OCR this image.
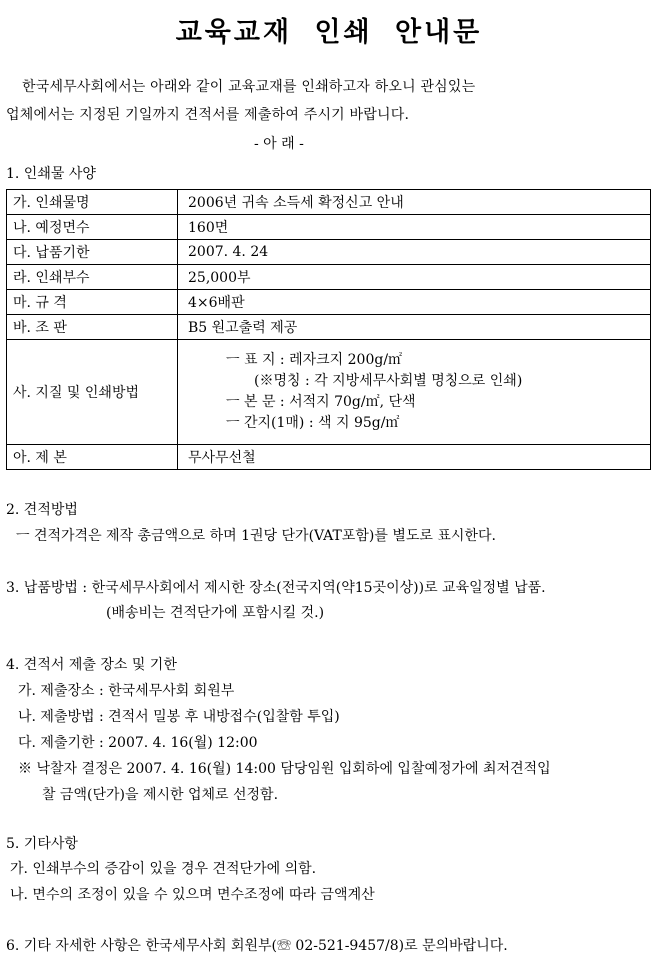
교육교재 인쇄 안내문
한국세무사회에서는 아래와 같이 교육교재를 인쇄하고자 하오니 관심있는
업체에서는 지정된 기일까지 견적서를 제출하여 주시기 바랍니다.
- 아 래 -
1. 인쇄물 사양
가. 인쇄물명	2006년 귀속 소득세 확정신고 안내
나. 예정면수	160면
다. 납품기한	2007. 4. 24
라. 인쇄부수	25,000부
마. 규 격	4×6배판
바. 조 판	B5 원고출력 제공
사. 지질 및 인쇄방법	ㅡ 표 지 : 레자크지 200g/㎡
(※명칭 : 각 지방세무사회별 명칭으로 인쇄)
ㅡ 본 문 : 서적지 70g/㎡, 단색
ㅡ 간지(1매) : 색 지 95g/㎡

아. 제 본	무사무선철
2. 견적방법
ㅡ 견적가격은 제작 총금액으로 하며 1권당 단가(VAT포함)를 별도로 표시한다.
3. 납품방법 : 한국세무사회에서 제시한 장소(전국지역(약15곳이상))로 교육일정별 납품.
(배송비는 견적단가에 포함시킬 것.)
4. 견적서 제출 장소 및 기한
가. 제출장소 : 한국세무사회 회원부
나. 제출방법 : 견적서 밀봉 후 내방접수(입찰함 투입)
다. 제출기한 : 2007. 4. 16(월) 12:00
※ 낙찰자 결정은 2007. 4. 16(월) 14:00 담당임원 입회하에 입찰예정가에 최저견적입
찰 금액(단가)을 제시한 업체로 선정함.
5. 기타사항
가. 인쇄부수의 증감이 있을 경우 견적단가에 의함.
나. 면수의 조정이 있을 수 있으며 면수조정에 따라 금액계산
6. 기타 자세한 사항은 한국세무사회 회원부(☏ 02-521-9457/8)로 문의바랍니다.
